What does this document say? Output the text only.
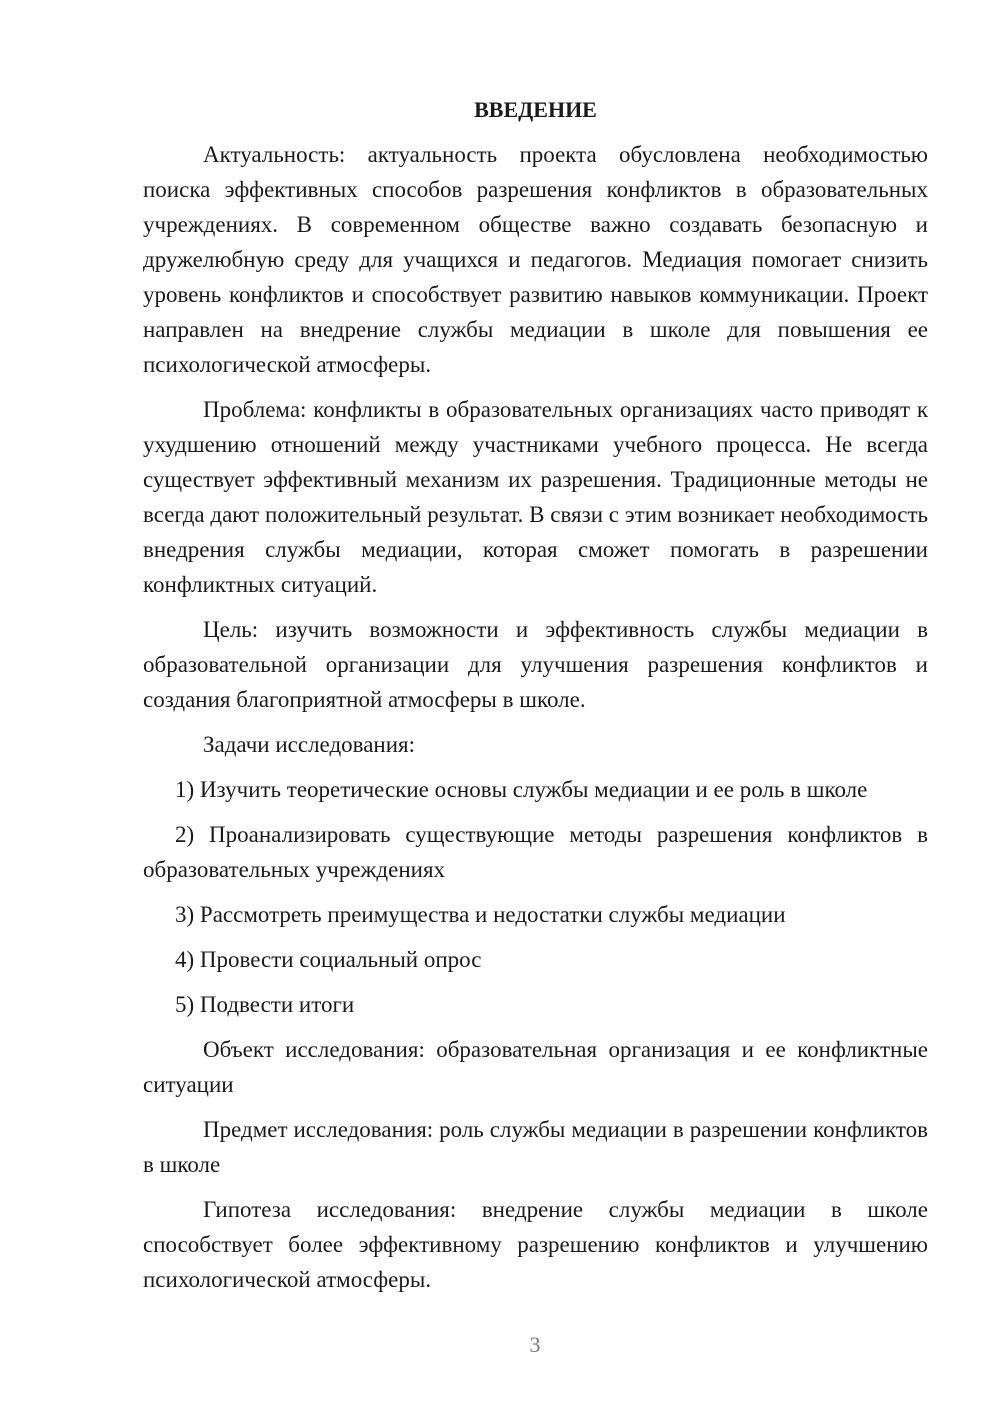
ВВЕДЕНИЕ

Актуальность: актуальность проекта обусловлена необходимостью поиска эффективных способов разрешения конфликтов в образовательных учреждениях. В современном обществе важно создавать безопасную и дружелюбную среду для учащихся и педагогов. Медиация помогает снизить уровень конфликтов и способствует развитию навыков коммуникации. Проект направлен на внедрение службы медиации в школе для повышения ее психологической атмосферы.

Проблема: конфликты в образовательных организациях часто приводят к ухудшению отношений между участниками учебного процесса. Не всегда существует эффективный механизм их разрешения. Традиционные методы не всегда дают положительный результат. В связи с этим возникает необходимость внедрения службы медиации, которая сможет помогать в разрешении конфликтных ситуаций.

Цель: изучить возможности и эффективность службы медиации в образовательной организации для улучшения разрешения конфликтов и создания благоприятной атмосферы в школе.

Задачи исследования:

1) Изучить теоретические основы службы медиации и ее роль в школе

2) Проанализировать существующие методы разрешения конфликтов в образовательных учреждениях

3) Рассмотреть преимущества и недостатки службы медиации

4) Провести социальный опрос

5) Подвести итоги

Объект исследования: образовательная организация и ее конфликтные ситуации

Предмет исследования: роль службы медиации в разрешении конфликтов в школе

Гипотеза исследования: внедрение службы медиации в школе способствует более эффективному разрешению конфликтов и улучшению психологической атмосферы.

3
